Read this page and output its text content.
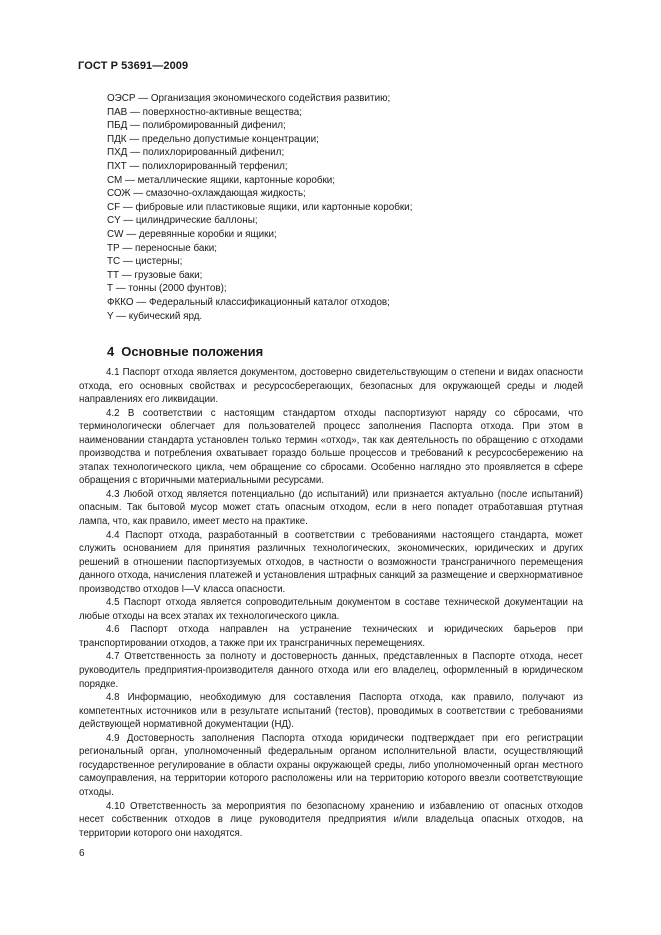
ГОСТ Р 53691—2009
ОЭСР — Организация экономического содействия развитию;
ПАВ — поверхностно-активные вещества;
ПБД — полибромированный дифенил;
ПДК — предельно допустимые концентрации;
ПХД — полихлорированный дифенил;
ПХТ — полихлорированный терфенил;
СМ — металлические ящики, картонные коробки;
СОЖ — смазочно-охлаждающая жидкость;
CF — фибровые или пластиковые ящики, или картонные коробки;
CY — цилиндрические баллоны;
CW — деревянные коробки и ящики;
ТР — переносные баки;
ТС — цистерны;
ТТ — грузовые баки;
Т — тонны (2000 фунтов);
ФККО — Федеральный классификационный каталог отходов;
Y — кубический ярд.
4 Основные положения

4.1 Паспорт отхода является документом, достоверно свидетельствующим о степени и видах опасности отхода, его основных свойствах и ресурсосберегающих, безопасных для окружающей среды и людей направлениях его ликвидации.

4.2 В соответствии с настоящим стандартом отходы паспортизуют наряду со сбросами, что терминологически облегчает для пользователей процесс заполнения Паспорта отхода. При этом в наименовании стандарта установлен только термин «отход», так как деятельность по обращению с отходами производства и потребления охватывает гораздо больше процессов и требований к ресурсосбережению на этапах технологического цикла, чем обращение со сбросами. Особенно наглядно это проявляется в сфере обращения с вторичными материальными ресурсами.

4.3 Любой отход является потенциально (до испытаний) или признается актуально (после испытаний) опасным. Так бытовой мусор может стать опасным отходом, если в него попадет отработавшая ртутная лампа, что, как правило, имеет место на практике.

4.4 Паспорт отхода, разработанный в соответствии с требованиями настоящего стандарта, может служить основанием для принятия различных технологических, экономических, юридических и других решений в отношении паспортизуемых отходов, в частности о возможности трансграничного перемещения данного отхода, начисления платежей и установления штрафных санкций за размещение и сверхнормативное производство отходов I—V класса опасности.

4.5 Паспорт отхода является сопроводительным документом в составе технической документации на любые отходы на всех этапах их технологического цикла.

4.6 Паспорт отхода направлен на устранение технических и юридических барьеров при транспортировании отходов, а также при их трансграничных перемещениях.

4.7 Ответственность за полноту и достоверность данных, представленных в Паспорте отхода, несет руководитель предприятия-производителя данного отхода или его владелец, оформленный в юридическом порядке.

4.8 Информацию, необходимую для составления Паспорта отхода, как правило, получают из компетентных источников или в результате испытаний (тестов), проводимых в соответствии с требованиями действующей нормативной документации (НД).

4.9 Достоверность заполнения Паспорта отхода юридически подтверждает при его регистрации региональный орган, уполномоченный федеральным органом исполнительной власти, осуществляющий государственное регулирование в области охраны окружающей среды, либо уполномоченный орган местного самоуправления, на территории которого расположены или на территорию которого ввезли соответствующие отходы.

4.10 Ответственность за мероприятия по безопасному хранению и избавлению от опасных отходов несет собственник отходов в лице руководителя предприятия и/или владельца опасных отходов, на территории которого они находятся.

6
